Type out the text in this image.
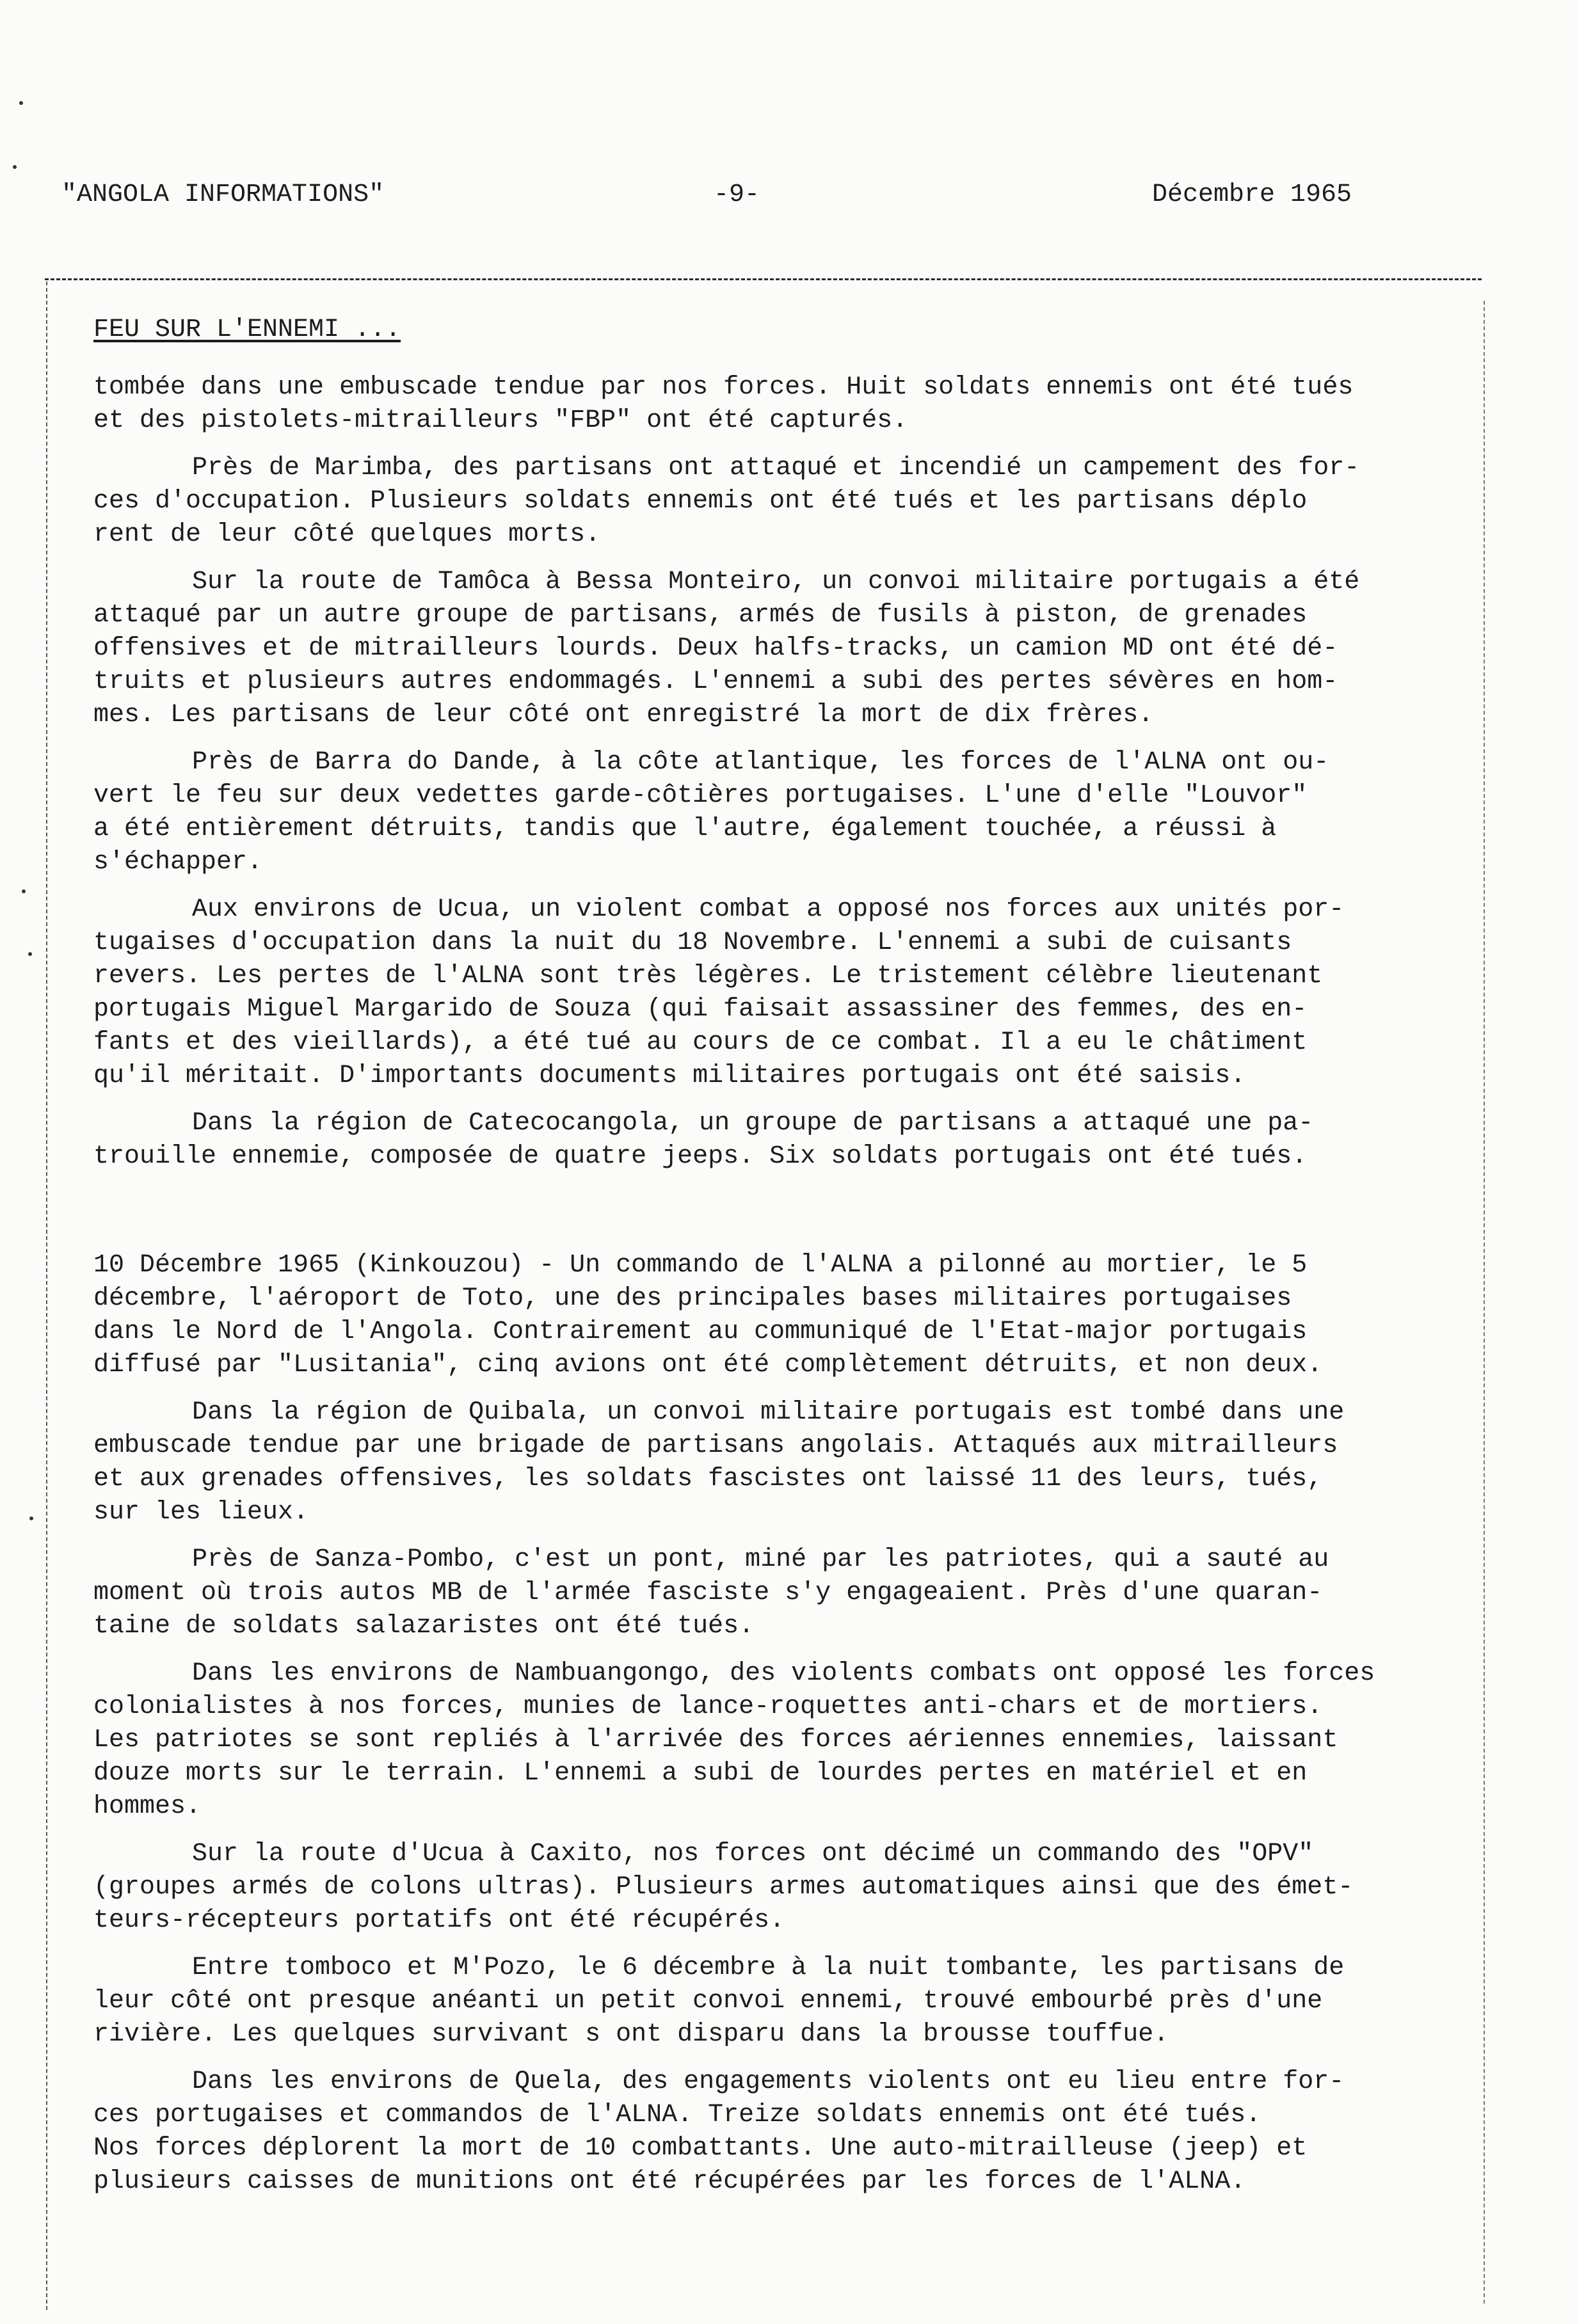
"ANGOLA INFORMATIONS"	-9-	Décembre 1965
FEU SUR L'ENNEMI ...
tombée dans une embuscade tendue par nos forces. Huit soldats ennemis ont été tués
et des pistolets-mitrailleurs "FBP" ont été capturés.
Près de Marimba, des partisans ont attaqué et incendié un campement des for-
ces d'occupation. Plusieurs soldats ennemis ont été tués et les partisans déplo
rent de leur côté quelques morts.
Sur la route de Tamôca à Bessa Monteiro, un convoi militaire portugais a été
attaqué par un autre groupe de partisans, armés de fusils à piston, de grenades
offensives et de mitrailleurs lourds. Deux halfs-tracks, un camion MD ont été dé-
truits et plusieurs autres endommagés. L'ennemi a subi des pertes sévères en hom-
mes. Les partisans de leur côté ont enregistré la mort de dix frères.
Près de Barra do Dande, à la côte atlantique, les forces de l'ALNA ont ou-
vert le feu sur deux vedettes garde-côtières portugaises. L'une d'elle "Louvor"
a été entièrement détruits, tandis que l'autre, également touchée, a réussi à
s'échapper.
Aux environs de Ucua, un violent combat a opposé nos forces aux unités por-
tugaises d'occupation dans la nuit du 18 Novembre. L'ennemi a subi de cuisants
revers. Les pertes de l'ALNA sont très légères. Le tristement célèbre lieutenant
portugais Miguel Margarido de Souza (qui faisait assassiner des femmes, des en-
fants et des vieillards), a été tué au cours de ce combat. Il a eu le châtiment
qu'il méritait. D'importants documents militaires portugais ont été saisis.
Dans la région de Catecocangola, un groupe de partisans a attaqué une pa-
trouille ennemie, composée de quatre jeeps. Six soldats portugais ont été tués.
10 Décembre 1965 (Kinkouzou) - Un commando de l'ALNA a pilonné au mortier, le 5
décembre, l'aéroport de Toto, une des principales bases militaires portugaises
dans le Nord de l'Angola. Contrairement au communiqué de l'Etat-major portugais
diffusé par "Lusitania", cinq avions ont été complètement détruits, et non deux.
Dans la région de Quibala, un convoi militaire portugais est tombé dans une
embuscade tendue par une brigade de partisans angolais. Attaqués aux mitrailleurs
et aux grenades offensives, les soldats fascistes ont laissé 11 des leurs, tués,
sur les lieux.
Près de Sanza-Pombo, c'est un pont, miné par les patriotes, qui a sauté au
moment où trois autos MB de l'armée fasciste s'y engageaient. Près d'une quaran-
taine de soldats salazaristes ont été tués.
Dans les environs de Nambuangongo, des violents combats ont opposé les forces
colonialistes à nos forces, munies de lance-roquettes anti-chars et de mortiers.
Les patriotes se sont repliés à l'arrivée des forces aériennes ennemies, laissant
douze morts sur le terrain. L'ennemi a subi de lourdes pertes en matériel et en
hommes.
Sur la route d'Ucua à Caxito, nos forces ont décimé un commando des "OPV"
(groupes armés de colons ultras). Plusieurs armes automatiques ainsi que des émet-
teurs-récepteurs portatifs ont été récupérés.
Entre tomboco et M'Pozo, le 6 décembre à la nuit tombante, les partisans de
leur côté ont presque anéanti un petit convoi ennemi, trouvé embourbé près d'une
rivière. Les quelques survivant s ont disparu dans la brousse touffue.
Dans les environs de Quela, des engagements violents ont eu lieu entre for-
ces portugaises et commandos de l'ALNA. Treize soldats ennemis ont été tués.
Nos forces déplorent la mort de 10 combattants. Une auto-mitrailleuse (jeep) et
plusieurs caisses de munitions ont été récupérées par les forces de l'ALNA.
